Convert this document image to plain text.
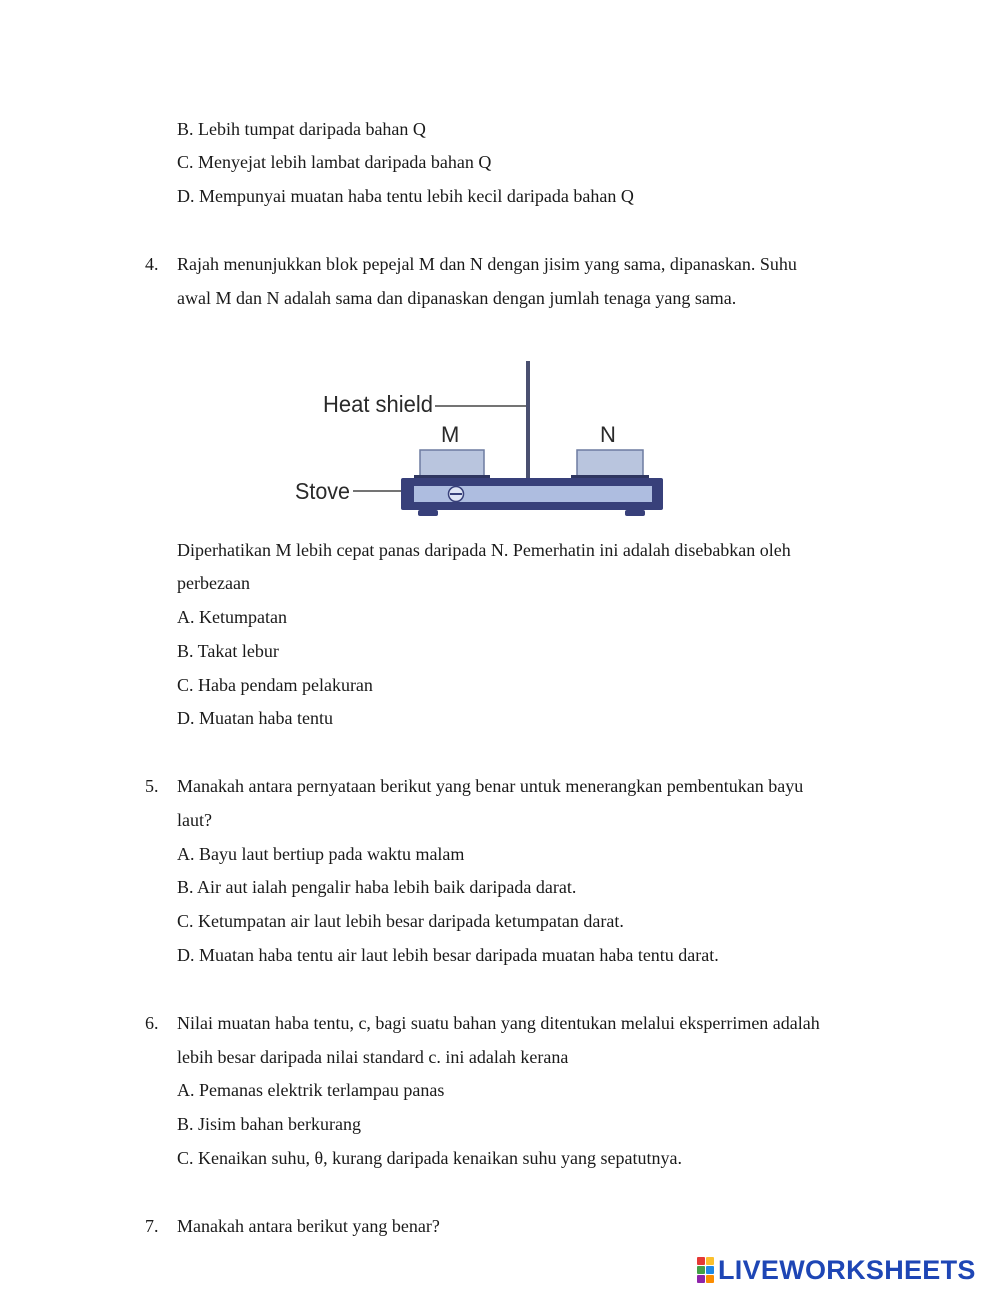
B. Lebih tumpat daripada bahan Q
C. Menyejat lebih lambat daripada bahan Q
D. Mempunyai muatan haba tentu lebih kecil daripada bahan Q
4. Rajah menunjukkan blok pepejal M dan N dengan jisim yang sama, dipanaskan. Suhu
awal M dan N adalah sama dan dipanaskan dengan jumlah tenaga yang sama.
Heat shield
M	N
Stove
Diperhatikan M lebih cepat panas daripada N. Pemerhatin ini adalah disebabkan oleh
perbezaan
A. Ketumpatan
B. Takat lebur
C. Haba pendam pelakuran
D. Muatan haba tentu
5. Manakah antara pernyataan berikut yang benar untuk menerangkan pembentukan bayu
laut?
A. Bayu laut bertiup pada waktu malam
B. Air aut ialah pengalir haba lebih baik daripada darat.
C. Ketumpatan air laut lebih besar daripada ketumpatan darat.
D. Muatan haba tentu air laut lebih besar daripada muatan haba tentu darat.
6. Nilai muatan haba tentu, c, bagi suatu bahan yang ditentukan melalui eksperrimen adalah
lebih besar daripada nilai standard c. ini adalah kerana
A. Pemanas elektrik terlampau panas
B. Jisim bahan berkurang
C. Kenaikan suhu, θ, kurang daripada kenaikan suhu yang sepatutnya.
7. Manakah antara berikut yang benar?
LIVEWORKSHEETS
